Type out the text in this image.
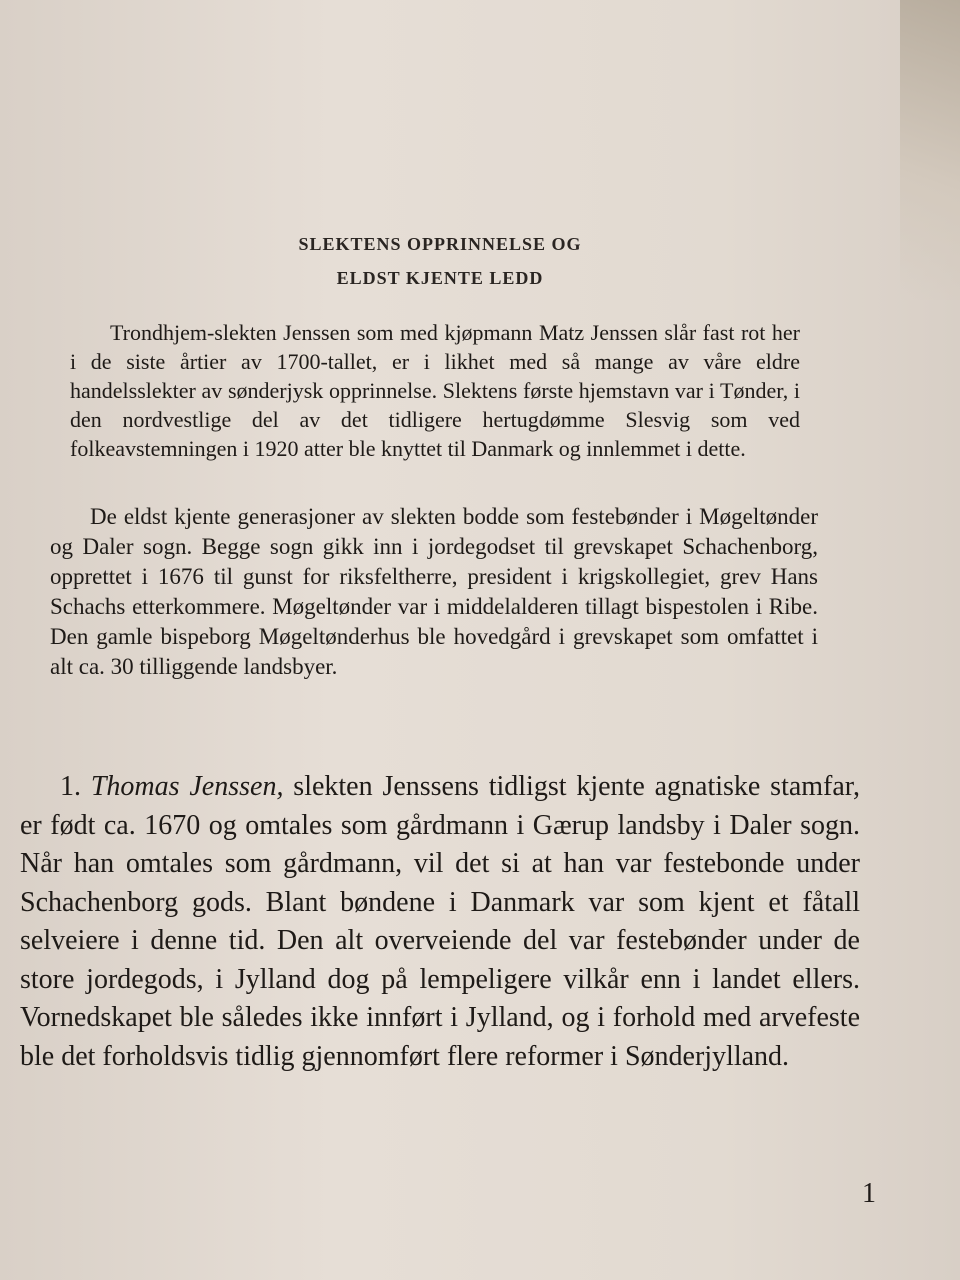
SLEKTENS OPPRINNELSE OG
ELDST KJENTE LEDD

Trondhjem-slekten Jenssen som med kjøpmann Matz Jenssen slår fast rot her i de siste årtier av 1700-tallet, er i likhet med så mange av våre eldre handelsslekter av sønderjysk opprinnelse. Slektens første hjemstavn var i Tønder, i den nordvestlige del av det tidligere hertugdømme Slesvig som ved folkeavstemningen i 1920 atter ble knyttet til Danmark og innlemmet i dette.

De eldst kjente generasjoner av slekten bodde som festebønder i Møgeltønder og Daler sogn. Begge sogn gikk inn i jordegodset til grevskapet Schachenborg, opprettet i 1676 til gunst for riksfeltherre, president i krigskollegiet, grev Hans Schachs etterkommere. Møgeltønder var i middelalderen tillagt bispestolen i Ribe. Den gamle bispeborg Møgeltønderhus ble hovedgård i grevskapet som omfattet i alt ca. 30 tilliggende landsbyer.

1. Thomas Jenssen, slekten Jenssens tidligst kjente agnatiske stamfar, er født ca. 1670 og omtales som gårdmann i Gærup landsby i Daler sogn. Når han omtales som gårdmann, vil det si at han var festebonde under Schachenborg gods. Blant bøndene i Danmark var som kjent et fåtall selveiere i denne tid. Den alt overveiende del var festebønder under de store jordegods, i Jylland dog på lempeligere vilkår enn i landet ellers. Vornedskapet ble således ikke innført i Jylland, og i forhold med arvefeste ble det forholdsvis tidlig gjennomført flere reformer i Sønderjylland.

1
